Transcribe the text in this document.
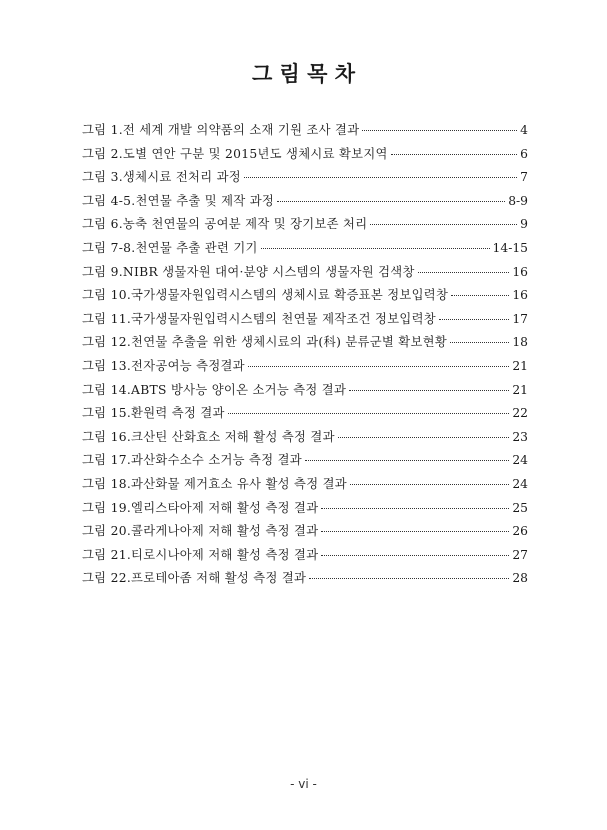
그 림 목 차
그림 1. 전 세계 개발 의약품의 소재 기원 조사 결과	4
그림 2. 도별 연안 구분 및 2015년도 생체시료 확보지역	6
그림 3. 생체시료 전처리 과정	7
그림 4-5. 천연물 추출 및 제작 과정	8-9
그림 6. 농축 천연물의 공여분 제작 및 장기보존 처리	9
그림 7-8. 천연물 추출 관련 기기	14-15
그림 9. NIBR 생물자원 대여·분양 시스템의 생물자원 검색창	16
그림 10. 국가생물자원입력시스템의 생체시료 확증표본 정보입력창	16
그림 11. 국가생물자원입력시스템의 천연물 제작조건 정보입력창	17
그림 12. 천연물 추출을 위한 생체시료의 과(科) 분류군별 확보현황	18
그림 13. 전자공여능 측정결과	21
그림 14. ABTS 방사능 양이온 소거능 측정 결과	21
그림 15. 환원력 측정 결과	22
그림 16. 크산틴 산화효소 저해 활성 측정 결과	23
그림 17. 과산화수소수 소거능 측정 결과	24
그림 18. 과산화물 제거효소 유사 활성 측정 결과	24
그림 19. 엘리스타아제 저해 활성 측정 결과	25
그림 20. 콜라게나아제 저해 활성 측정 결과	26
그림 21. 티로시나아제 저해 활성 측정 결과	27
그림 22. 프로테아좀 저해 활성 측정 결과	28
- vi -
